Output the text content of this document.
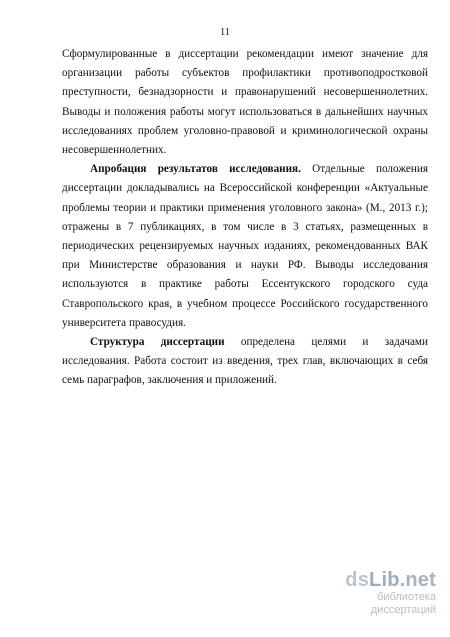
11

Сформулированные в диссертации рекомендации имеют значение для организации работы субъектов профилактики противоподростковой преступности, безнадзорности и правонарушений несовершеннолетних. Выводы и положения работы могут использоваться в дальнейших научных исследованиях проблем уголовно-правовой и криминологической охраны несовершеннолетних.

Апробация результатов исследования. Отдельные положения диссертации докладывались на Всероссийской конференции «Актуальные проблемы теории и практики применения уголовного закона» (М., 2013 г.); отражены в 7 публикациях, в том числе в 3 статьях, размещенных в периодических рецензируемых научных изданиях, рекомендованных ВАК при Министерстве образования и науки РФ. Выводы исследования используются в практике работы Ессентукского городского суда Ставропольского края, в учебном процессе Российского государственного университета правосудия.

Структура диссертации определена целями и задачами исследования. Работа состоит из введения, трех глав, включающих в себя семь параграфов, заключения и приложений.

dsLib.net
библиотека диссертаций
